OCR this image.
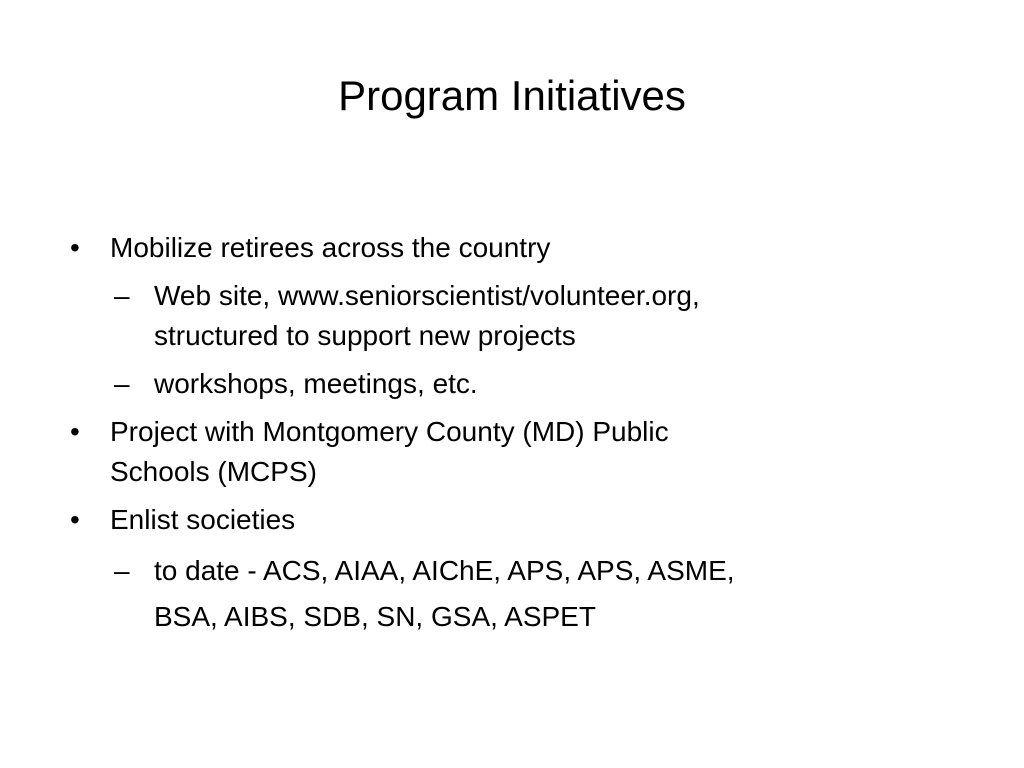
Program Initiatives
•	Mobilize retirees across the country
– Web site, www.seniorscientist/volunteer.org,
structured to support new projects
– workshops, meetings, etc.
•	Project with Montgomery County (MD) Public
Schools (MCPS)
•	Enlist societies
– to date - ACS, AIAA, AIChE, APS, APS, ASME,
BSA, AIBS, SDB, SN, GSA, ASPET
